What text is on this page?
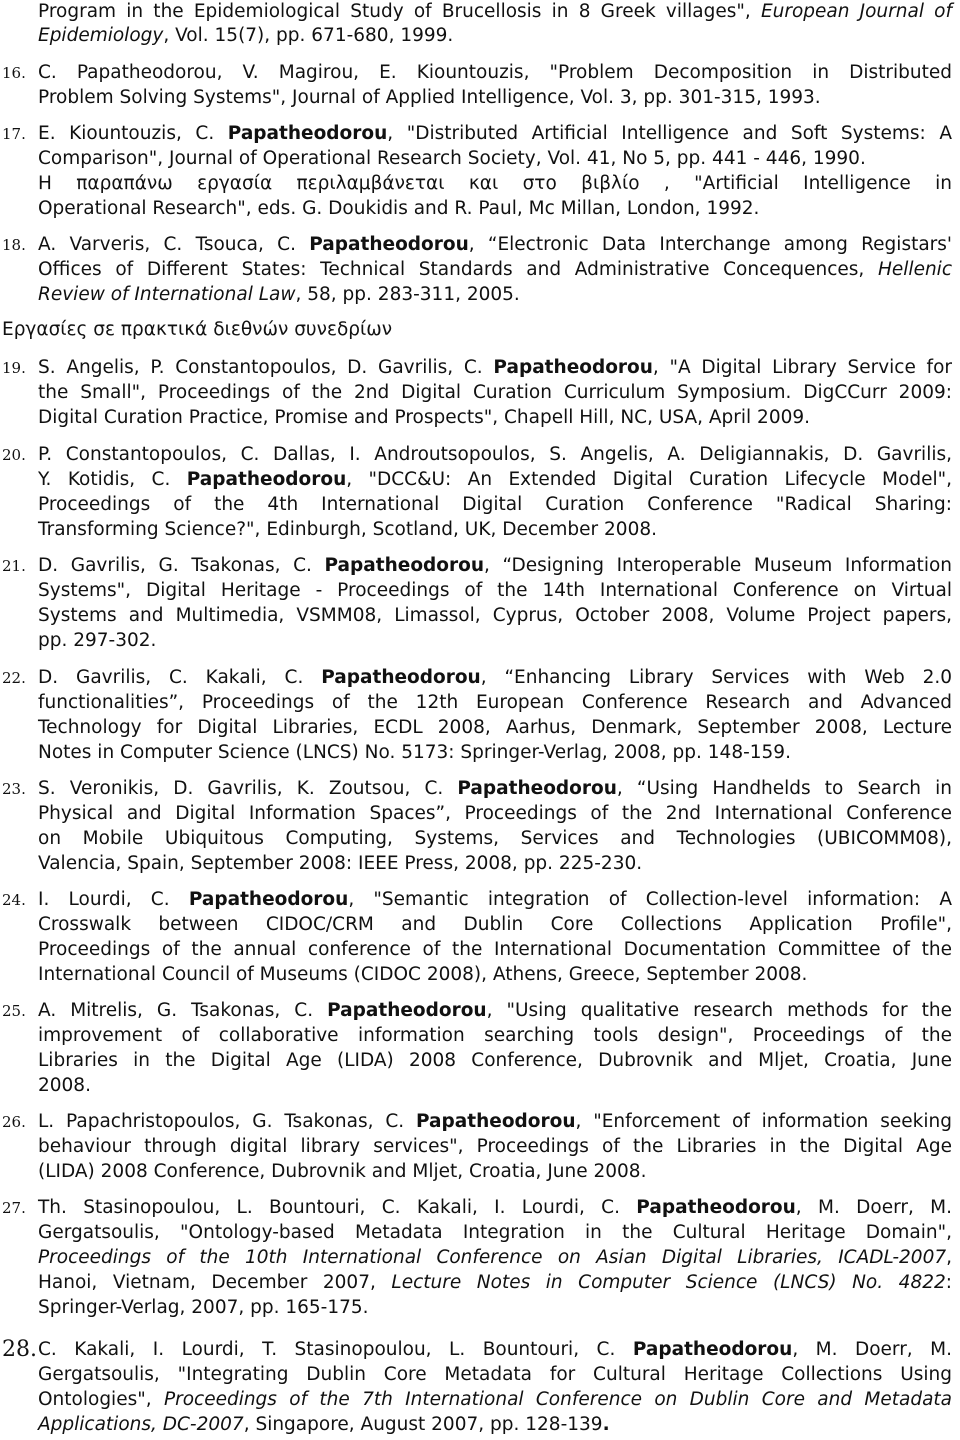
Program in the Epidemiological Study of Brucellosis in 8 Greek villages", European Journal of
Epidemiology, Vol. 15(7), pp. 671-680, 1999.
16. C. Papatheodorou, V. Magirou, E. Kiountouzis, "Problem Decomposition in Distributed
Problem Solving Systems", Journal of Applied Intelligence, Vol. 3, pp. 301-315, 1993.
17. E. Kiountouzis, C. Papatheodorou, "Distributed Artificial Intelligence and Soft Systems: A
Comparison", Journal of Operational Research Society, Vol. 41, No 5, pp. 441 - 446, 1990.
Η παραπάνω εργασία περιλαμβάνεται και στο βιβλίο , "Artificial Intelligence in
Operational Research", eds. G. Doukidis and R. Paul, Mc Millan, London, 1992.
18. A. Varveris, C. Tsouca, C. Papatheodorou, “Electronic Data Interchange among Registars'
Offices of Different States: Technical Standards and Administrative Concequences, Hellenic
Review of International Law, 58, pp. 283-311, 2005.
Εργασίες σε πρακτικά διεθνών συνεδρίων
19. S. Angelis, P. Constantopoulos, D. Gavrilis, C. Papatheodorou, "A Digital Library Service for
the Small", Proceedings of the 2nd Digital Curation Curriculum Symposium. DigCCurr 2009:
Digital Curation Practice, Promise and Prospects", Chapell Hill, NC, USA, April 2009.
20. P. Constantopoulos, C. Dallas, I. Androutsopoulos, S. Angelis, A. Deligiannakis, D. Gavrilis,
Y. Kotidis, C. Papatheodorou, "DCC&U: An Extended Digital Curation Lifecycle Model",
Proceedings of the 4th International Digital Curation Conference "Radical Sharing:
Transforming Science?", Edinburgh, Scotland, UK, December 2008.
21. D. Gavrilis, G. Tsakonas, C. Papatheodorou, “Designing Interoperable Museum Information
Systems", Digital Heritage - Proceedings of the 14th International Conference on Virtual
Systems and Multimedia, VSMM08, Limassol, Cyprus, October 2008, Volume Project papers,
pp. 297-302.
22. D. Gavrilis, C. Kakali, C. Papatheodorou, “Enhancing Library Services with Web 2.0
functionalities”, Proceedings of the 12th European Conference Research and Advanced
Technology for Digital Libraries, ECDL 2008, Aarhus, Denmark, September 2008, Lecture
Notes in Computer Science (LNCS) No. 5173: Springer-Verlag, 2008, pp. 148-159.
23. S. Veronikis, D. Gavrilis, K. Zoutsou, C. Papatheodorou, “Using Handhelds to Search in
Physical and Digital Information Spaces”, Proceedings of the 2nd International Conference
on Mobile Ubiquitous Computing, Systems, Services and Technologies (UBICOMM08),
Valencia, Spain, September 2008: IEEE Press, 2008, pp. 225-230.
24. I. Lourdi, C. Papatheodorou, "Semantic integration of Collection-level information: A
Crosswalk between CIDOC/CRM and Dublin Core Collections Application Profile",
Proceedings of the annual conference of the International Documentation Committee of the
International Council of Museums (CIDOC 2008), Athens, Greece, September 2008.
25. A. Mitrelis, G. Tsakonas, C. Papatheodorou, "Using qualitative research methods for the
improvement of collaborative information searching tools design", Proceedings of the
Libraries in the Digital Age (LIDA) 2008 Conference, Dubrovnik and Mljet, Croatia, June
2008.
26. L. Papachristopoulos, G. Tsakonas, C. Papatheodorou, "Enforcement of information seeking
behaviour through digital library services", Proceedings of the Libraries in the Digital Age
(LIDA) 2008 Conference, Dubrovnik and Mljet, Croatia, June 2008.
27. Th. Stasinopoulou, L. Bountouri, C. Kakali, I. Lourdi, C. Papatheodorou, M. Doerr, M.
Gergatsoulis, "Ontology-based Metadata Integration in the Cultural Heritage Domain",
Proceedings of the 10th International Conference on Asian Digital Libraries, ICADL-2007,
Hanoi, Vietnam, December 2007, Lecture Notes in Computer Science (LNCS) No. 4822:
Springer-Verlag, 2007, pp. 165-175.
28. C. Kakali, I. Lourdi, T. Stasinopoulou, L. Bountouri, C. Papatheodorou, M. Doerr, M.
Gergatsoulis, "Integrating Dublin Core Metadata for Cultural Heritage Collections Using
Ontologies", Proceedings of the 7th International Conference on Dublin Core and Metadata
Applications, DC-2007, Singapore, August 2007, pp. 128-139.
